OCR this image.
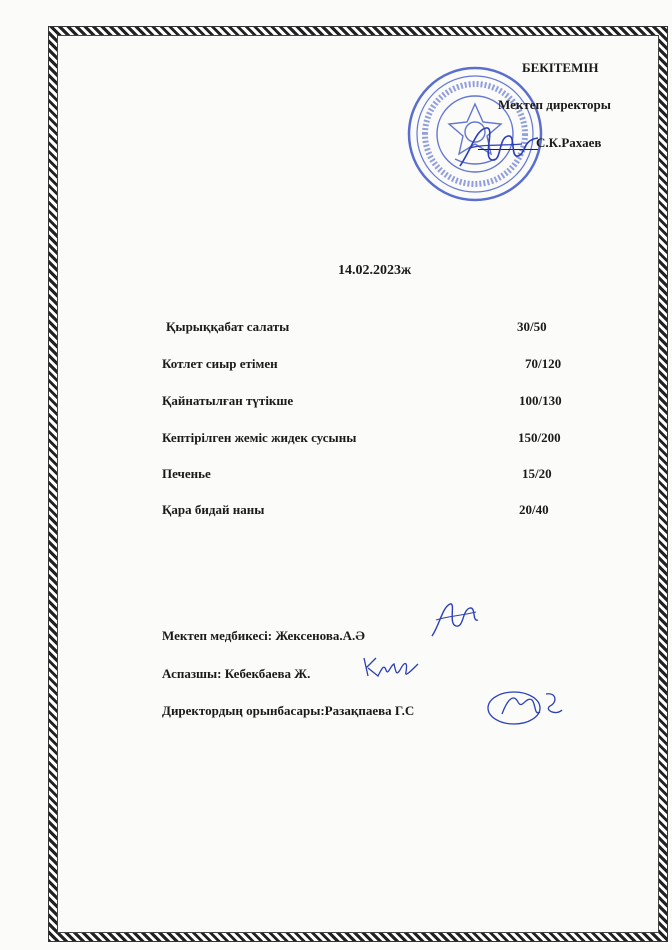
БЕКІТЕМІН
Мектеп директоры
С.К.Рахаев
14.02.2023ж
Қырыққабат салаты	30/50
Котлет сиыр етімен	70/120
Қайнатылған түтікше	100/130
Кептірілген жеміс жидек сусыны	150/200
Печенье	15/20
Қара бидай наны	20/40
Мектеп медбикесі: Жексенова.А.Ә
Аспазшы: Кебекбаева Ж.
Директордың орынбасары:Разақпаева Г.С
